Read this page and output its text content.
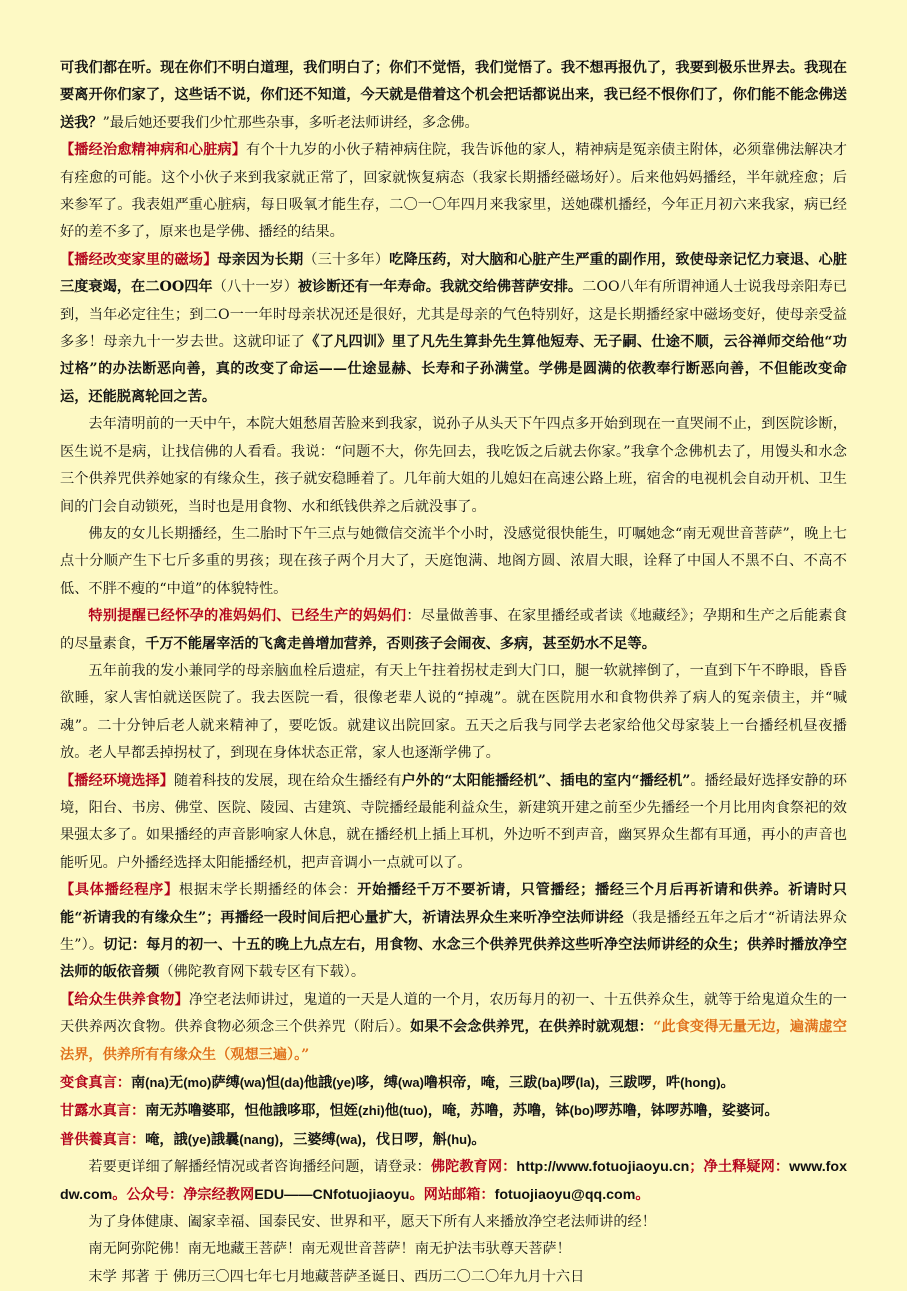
可我们都在听。现在你们不明白道理，我们明白了；你们不觉悟，我们觉悟了。我不想再报仇了，我要到极乐世界去。我现在要离开你们家了，这些话不说，你们还不知道，今天就是借着这个机会把话都说出来，我已经不恨你们了，你们能不能念佛送送我？”最后她还要我们少忙那些杂事，多听老法师讲经，多念佛。

【播经治愈精神病和心脏病】有个十九岁的小伙子精神病住院，我告诉他的家人，精神病是冤亲债主附体，必须靠佛法解决才有痊愈的可能。这个小伙子来到我家就正常了，回家就恢复病态（我家长期播经磁场好）。后来他妈妈播经，半年就痊愈；后来参军了。我表姐严重心脏病，每日吸氧才能生存，二〇一〇年四月来我家里，送她碟机播经，今年正月初六来我家，病已经好的差不多了，原来也是学佛、播经的结果。

【播经改变家里的磁场】母亲因为长期（三十多年）吃降压药，对大脑和心脏产生严重的副作用，致使母亲记忆力衰退、心脏三度衰竭，在二OO四年（八十一岁）被诊断还有一年寿命。我就交给佛菩萨安排。二OO八年有所谓神通人士说我母亲阳寿已到，当年必定往生；到二O一一年时母亲状况还是很好，尤其是母亲的气色特别好，这是长期播经家中磁场变好，使母亲受益多多！母亲九十一岁去世。这就印证了《了凡四训》里了凡先生算卦先生算他短寿、无子嗣、仕途不顺，云谷禅师交给他“功过格”的办法断恶向善，真的改变了命运——仕途显赫、长寿和子孙满堂。学佛是圆满的依教奉行断恶向善，不但能改变命运，还能脱离轮回之苦。

去年清明前的一天中午，本院大姐愁眉苦脸来到我家，说孙子从头天下午四点多开始到现在一直哭闹不止，到医院诊断，医生说不是病，让找信佛的人看看。我说：“问题不大，你先回去，我吃饭之后就去你家。”我拿个念佛机去了，用馒头和水念三个供养咒供养她家的有缘众生，孩子就安稳睡着了。几年前大姐的儿媳妇在高速公路上班，宿舍的电视机会自动开机、卫生间的门会自动锁死，当时也是用食物、水和纸钱供养之后就没事了。

佛友的女儿长期播经，生二胎时下午三点与她微信交流半个小时，没感觉很快能生，叮嘱她念“南无观世音菩萨”，晚上七点十分顺产生下七斤多重的男孩；现在孩子两个月大了，天庭饱满、地阁方圆、浓眉大眼，诠释了中国人不黑不白、不高不低、不胖不瘦的“中道”的体貌特性。

特别提醒已经怀孕的准妈妈们、已经生产的妈妈们：尽量做善事、在家里播经或者读《地藏经》；孕期和生产之后能素食的尽量素食，千万不能屠宰活的飞禽走兽增加营养，否则孩子会闹夜、多病，甚至奶水不足等。

五年前我的发小兼同学的母亲脑血栓后遗症，有天上午拄着拐杖走到大门口，腿一软就摔倒了，一直到下午不睁眼，昏昏欲睡，家人害怕就送医院了。我去医院一看，很像老辈人说的“掉魂”。就在医院用水和食物供养了病人的冤亲债主，并“喊魂”。二十分钟后老人就来精神了，要吃饭。就建议出院回家。五天之后我与同学去老家给他父母家装上一台播经机昼夜播放。老人早都丢掉拐杖了，到现在身体状态正常，家人也逐渐学佛了。

【播经环境选择】随着科技的发展，现在给众生播经有户外的“太阳能播经机”、插电的室内“播经机”。播经最好选择安静的环境，阳台、书房、佛堂、医院、陵园、古建筑、寺院播经最能利益众生，新建筑开建之前至少先播经一个月比用肉食祭祀的效果强太多了。如果播经的声音影响家人休息，就在播经机上插上耳机，外边听不到声音，幽冥界众生都有耳通，再小的声音也能听见。户外播经选择太阳能播经机，把声音调小一点就可以了。

【具体播经程序】根据末学长期播经的体会：开始播经千万不要祈请，只管播经；播经三个月后再祈请和供养。祈请时只能“祈请我的有缘众生”；再播经一段时间后把心量扩大，祈请法界众生来听净空法师讲经（我是播经五年之后才“祈请法界众生”）。切记：每月的初一、十五的晚上九点左右，用食物、水念三个供养咒供养这些听净空法师讲经的众生；供养时播放净空法师的皈依音频（佛陀教育网下载专区有下载）。

【给众生供养食物】净空老法师讲过，鬼道的一天是人道的一个月，农历每月的初一、十五供养众生，就等于给鬼道众生的一天供养两次食物。供养食物必须念三个供养咒（附后）。如果不会念供养咒，在供养时就观想：“此食变得无量无边，遍满虚空法界，供养所有有缘众生（观想三遍）。”

变食真言：南(na)无(mo)萨缚(wa)怛(da)他誐(ye)哆，缚(wa)噜枳帝，唵，三跋(ba)啰(la)，三跋啰，吽(hong)。

甘露水真言：南无苏噜婆耶，怛他誐哆耶，怛姪(zhi)他(tuo)，唵，苏噜，苏噜，钵(bo)啰苏噜，钵啰苏噜，娑婆诃。

普供養真言：唵，誐(ye)誐曩(nang)，三婆缚(wa)，伐日啰，斛(hu)。

若要更详细了解播经情况或者咨询播经问题，请登录：佛陀教育网：http://www.fotuojiaoyu.cn；净土释疑网：www.foxdw.com。公众号：净宗经教网EDU——CNfotuojiaoyu。网站邮箱：fotuojiaoyu@qq.com。

为了身体健康、阖家幸福、国泰民安、世界和平，愿天下所有人来播放净空老法师讲的经！

南无阿弥陀佛！南无地藏王菩萨！南无观世音菩萨！南无护法韦驮尊天菩萨！

末学 邦著 于 佛历三〇四七年七月地藏菩萨圣诞日、西历二〇二〇年九月十六日
